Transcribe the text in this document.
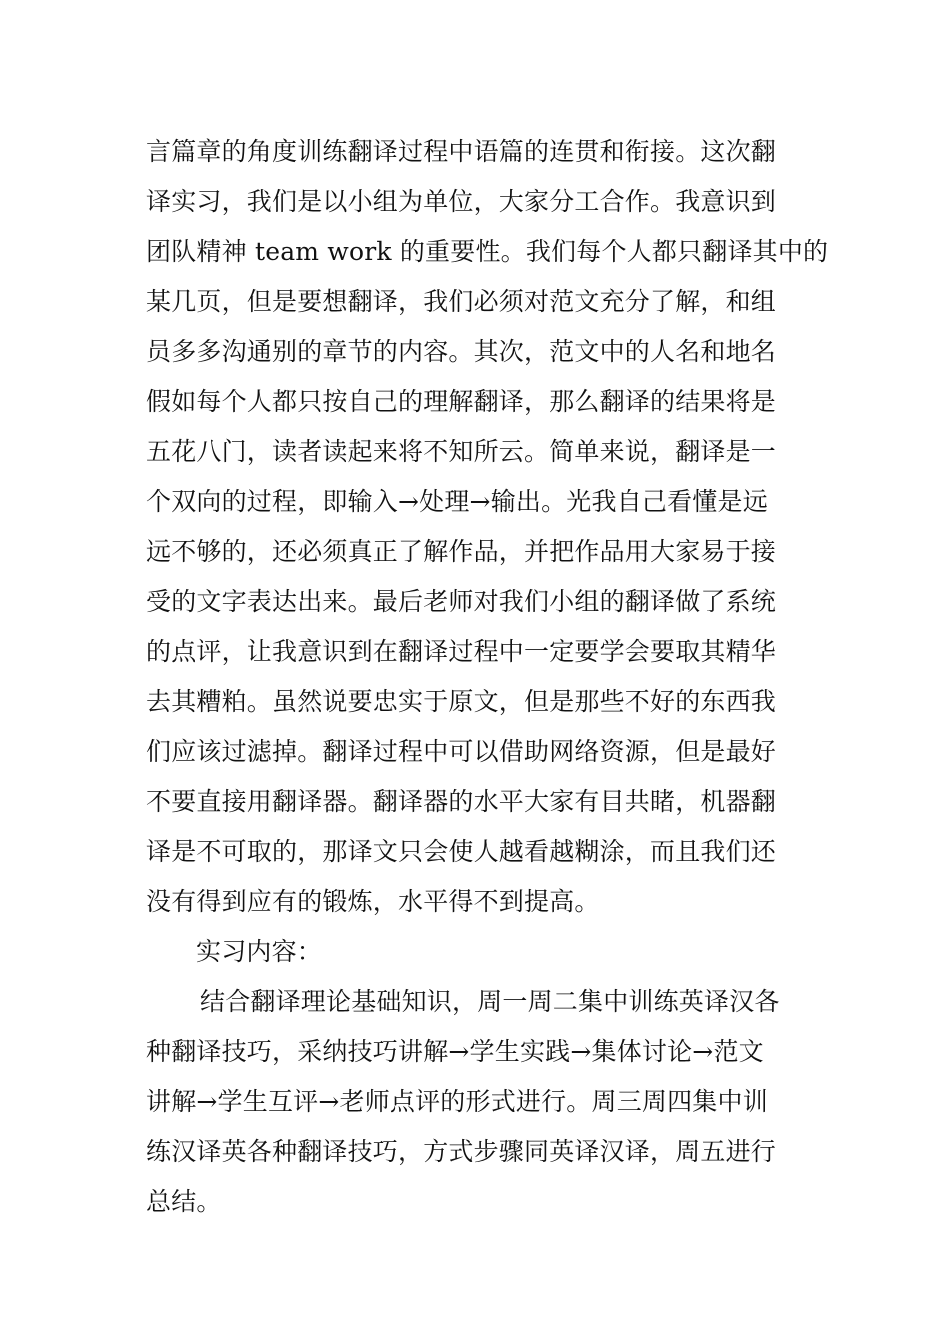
言篇章的角度训练翻译过程中语篇的连贯和衔接。这次翻
译实习，我们是以小组为单位，大家分工合作。我意识到
团队精神 team work 的重要性。我们每个人都只翻译其中的
某几页，但是要想翻译，我们必须对范文充分了解，和组
员多多沟通别的章节的内容。其次，范文中的人名和地名
假如每个人都只按自己的理解翻译，那么翻译的结果将是
五花八门，读者读起来将不知所云。简单来说，翻译是一
个双向的过程，即输入→处理→输出。光我自己看懂是远
远不够的，还必须真正了解作品，并把作品用大家易于接
受的文字表达出来。最后老师对我们小组的翻译做了系统
的点评，让我意识到在翻译过程中一定要学会要取其精华
去其糟粕。虽然说要忠实于原文，但是那些不好的东西我
们应该过滤掉。翻译过程中可以借助网络资源，但是最好
不要直接用翻译器。翻译器的水平大家有目共睹，机器翻
译是不可取的，那译文只会使人越看越糊涂，而且我们还
没有得到应有的锻炼，水平得不到提高。
实习内容：
结合翻译理论基础知识，周一周二集中训练英译汉各
种翻译技巧，采纳技巧讲解→学生实践→集体讨论→范文
讲解→学生互评→老师点评的形式进行。周三周四集中训
练汉译英各种翻译技巧，方式步骤同英译汉译，周五进行
总结。
